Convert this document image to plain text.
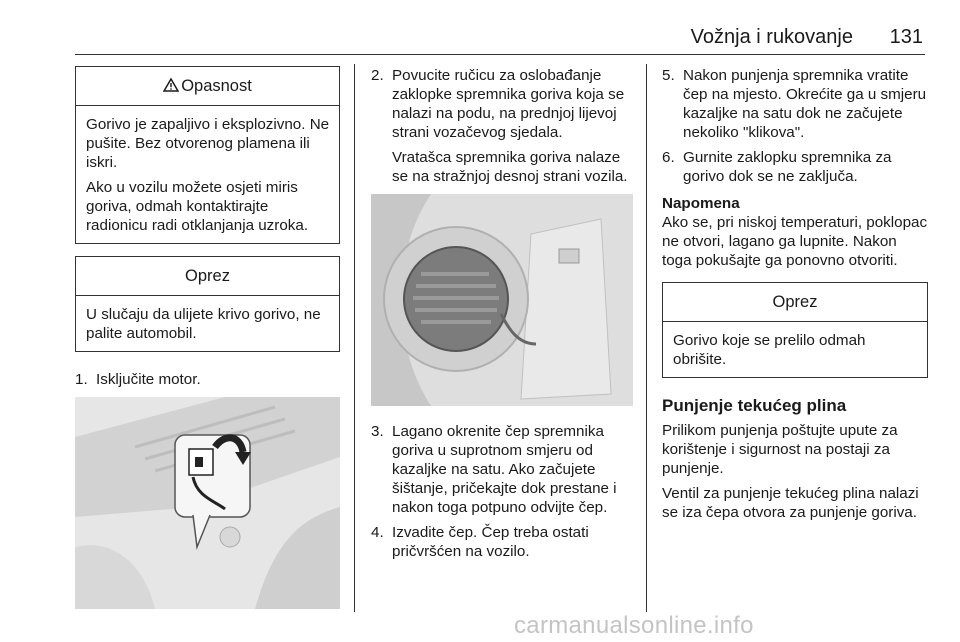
Vožnja i rukovanje 131
Opasnost

Gorivo je zapaljivo i eksplozivno. Ne pušite. Bez otvorenog plamena ili iskri.

Ako u vozilu možete osjeti miris goriva, odmah kontaktirajte radionicu radi otklanjanja uzroka.

Oprez

U slučaju da ulijete krivo gorivo, ne palite automobil.

1. Isključite motor.
2. Povucite ručicu za oslobađanje zaklopke spremnika goriva koja se nalazi na podu, na prednjoj lijevoj strani vozačevog sjedala.

Vratašca spremnika goriva nalaze se na stražnjoj desnoj strani vozila.

3. Lagano okrenite čep spremnika goriva u suprotnom smjeru od kazaljke na satu. Ako začujete šištanje, pričekajte dok prestane i nakon toga potpuno odvijte čep.
4. Izvadite čep. Čep treba ostati pričvršćen na vozilo.
5. Nakon punjenja spremnika vratite čep na mjesto. Okrećite ga u smjeru kazaljke na satu dok ne začujete nekoliko "klikova".
6. Gurnite zaklopku spremnika za gorivo dok se ne zaključa.

Napomena

Ako se, pri niskoj temperaturi, poklopac ne otvori, lagano ga lupnite. Nakon toga pokušajte ga ponovno otvoriti.

Oprez

Gorivo koje se prelilo odmah obrišite.

Punjenje tekućeg plina

Prilikom punjenja poštujte upute za korištenje i sigurnost na postaji za punjenje.

Ventil za punjenje tekućeg plina nalazi se iza čepa otvora za punjenje goriva.

carmanualsonline.info
